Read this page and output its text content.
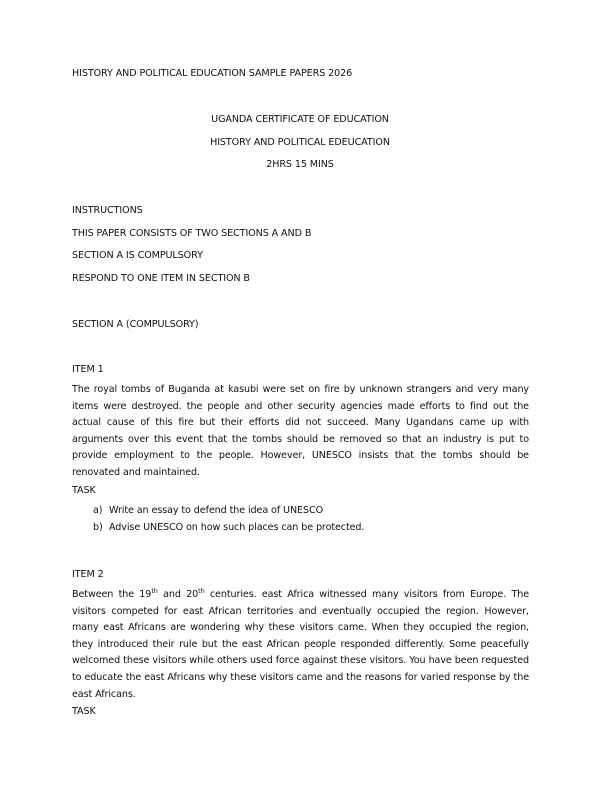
HISTORY AND POLITICAL EDUCATION SAMPLE PAPERS 2026
UGANDA CERTIFICATE OF EDUCATION
HISTORY AND POLITICAL EDEUCATION
2HRS 15 MINS
INSTRUCTIONS
THIS PAPER CONSISTS OF TWO SECTIONS A AND B
SECTION A IS COMPULSORY
RESPOND TO ONE ITEM IN SECTION B
SECTION A (COMPULSORY)
ITEM 1
The royal tombs of Buganda at kasubi were set on fire by unknown strangers and very many items were destroyed. the people and other security agencies made efforts to find out the actual cause of this fire but their efforts did not succeed. Many Ugandans came up with arguments over this event that the tombs should be removed so that an industry is put to provide employment to the people. However, UNESCO insists that the tombs should be renovated and maintained.
TASK
a) Write an essay to defend the idea of UNESCO
b) Advise UNESCO on how such places can be protected.
ITEM 2
Between the 19th and 20th centuries. east Africa witnessed many visitors from Europe. The visitors competed for east African territories and eventually occupied the region. However, many east Africans are wondering why these visitors came. When they occupied the region, they introduced their rule but the east African people responded differently. Some peacefully welcomed these visitors while others used force against these visitors. You have been requested to educate the east Africans why these visitors came and the reasons for varied response by the east Africans.
TASK
